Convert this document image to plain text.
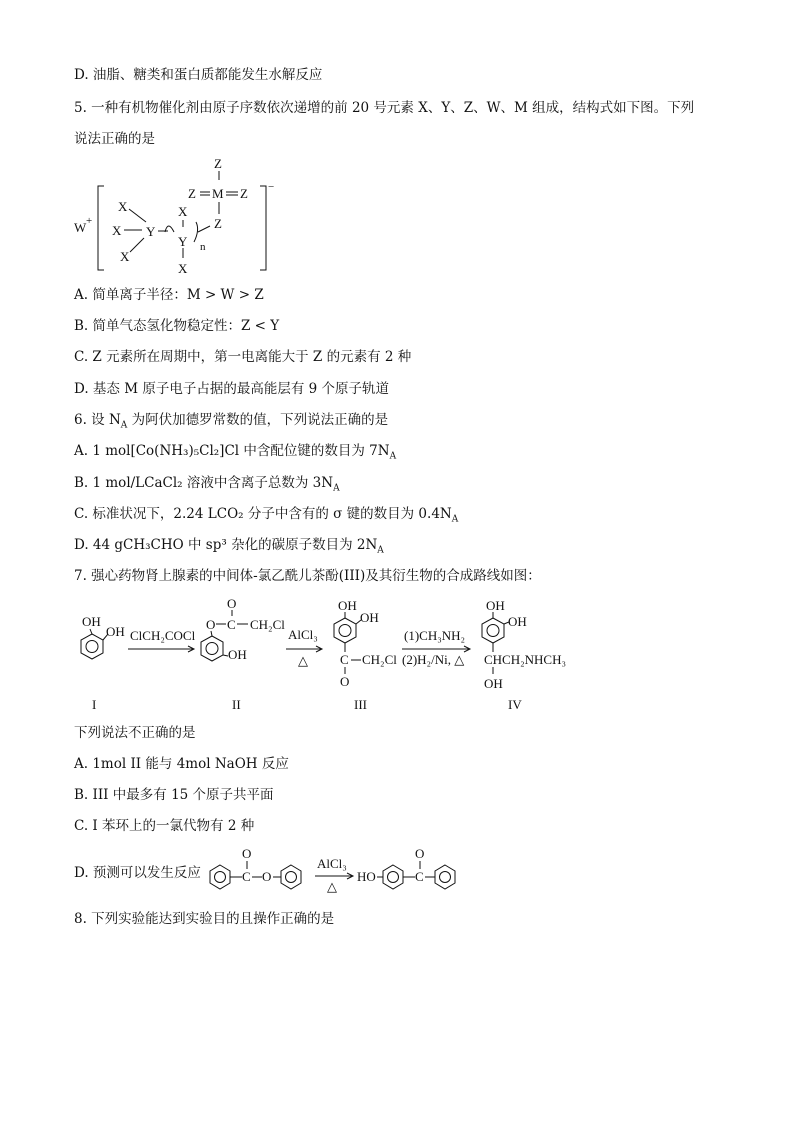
D. 油脂、糖类和蛋白质都能发生水解反应
5. 一种有机物催化剂由原子序数依次递增的前 20 号元素 X、Y、Z、W、M 组成，结构式如下图。下列
说法正确的是
W +
−
X
X
X
Y
X
Y
X
n
Z
Z M Z
Z
A. 简单离子半径：M > W > Z
B. 简单气态氢化物稳定性：Z < Y
C. Z 元素所在周期中，第一电离能大于 Z 的元素有 2 种
D. 基态 M 原子电子占据的最高能层有 9 个原子轨道
6. 设 $N_A$ 为阿伏加德罗常数的值，下列说法正确的是
A. 1 mol[Co(NH₃)₅Cl₂]Cl 中含配位键的数目为 $7N_A$
B. 1 mol/LCaCl₂ 溶液中含离子总数为 $3N_A$
C. 标准状况下，2.24 LCO₂ 分子中含有的 σ 键的数目为 $0.4N_A$
D. 44 gCH₃CHO 中 sp³ 杂化的碳原子数目为 $2N_A$
7. 强心药物肾上腺素的中间体-氯乙酰儿茶酚(III)及其衍生物的合成路线如图：
OH
OH ClCH₂COCl
O C
O
CH₂Cl
OH
AlCl₃
△
OH
OH
C
O
CH₂Cl
(1)CH₃NH₂
(2)H₂/Ni, △
OH
OH
CHCH₂NHCH₃
OH
I	II	III	IV
下列说法不正确的是
A. 1mol II 能与 4mol NaOH 反应
B. III 中最多有 15 个原子共平面
C. I 苯环上的一氯代物有 2 种
D. 预测可以发生反应	C
O
O
AlCl₃
△
HO	C
O
8. 下列实验能达到实验目的且操作正确的是
